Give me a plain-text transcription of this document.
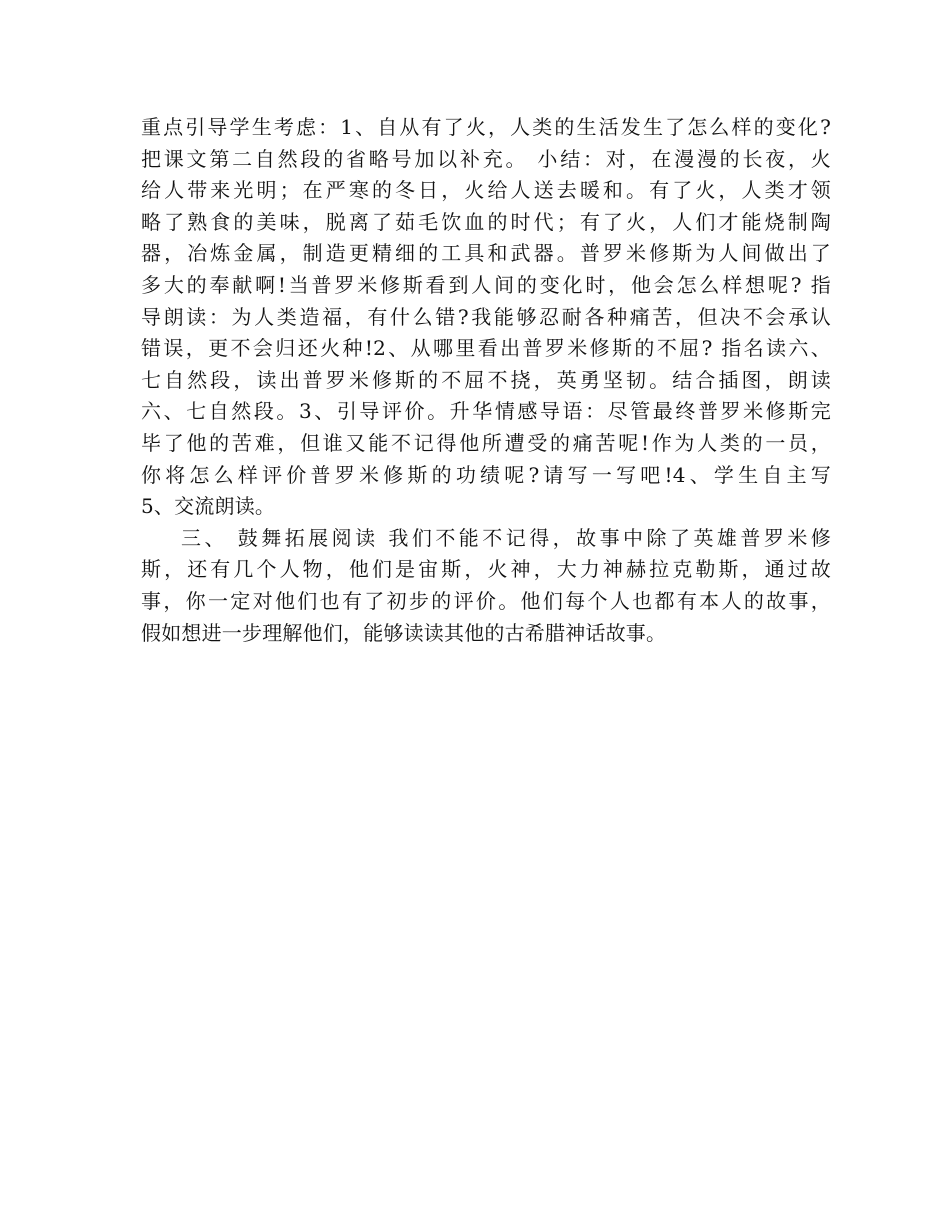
重点引导学生考虑：1、自从有了火，人类的生活发生了怎么样的变化?
把课文第二自然段的省略号加以补充。 小结：对，在漫漫的长夜，火
给人带来光明；在严寒的冬日，火给人送去暖和。有了火，人类才领
略了熟食的美味，脱离了茹毛饮血的时代；有了火，人们才能烧制陶
器，冶炼金属，制造更精细的工具和武器。普罗米修斯为人间做出了
多大的奉献啊!当普罗米修斯看到人间的变化时，他会怎么样想呢? 指
导朗读：为人类造福，有什么错?我能够忍耐各种痛苦，但决不会承认
错误，更不会归还火种!2、从哪里看出普罗米修斯的不屈? 指名读六、
七自然段，读出普罗米修斯的不屈不挠，英勇坚韧。结合插图，朗读
六、七自然段。3、引导评价。升华情感导语：尽管最终普罗米修斯完
毕了他的苦难，但谁又能不记得他所遭受的痛苦呢!作为人类的一员，
你将怎么样评价普罗米修斯的功绩呢?请写一写吧!4、学生自主写
5、交流朗读。
三、 鼓舞拓展阅读 我们不能不记得，故事中除了英雄普罗米修
斯，还有几个人物，他们是宙斯，火神，大力神赫拉克勒斯，通过故
事，你一定对他们也有了初步的评价。他们每个人也都有本人的故事，
假如想进一步理解他们，能够读读其他的古希腊神话故事。
